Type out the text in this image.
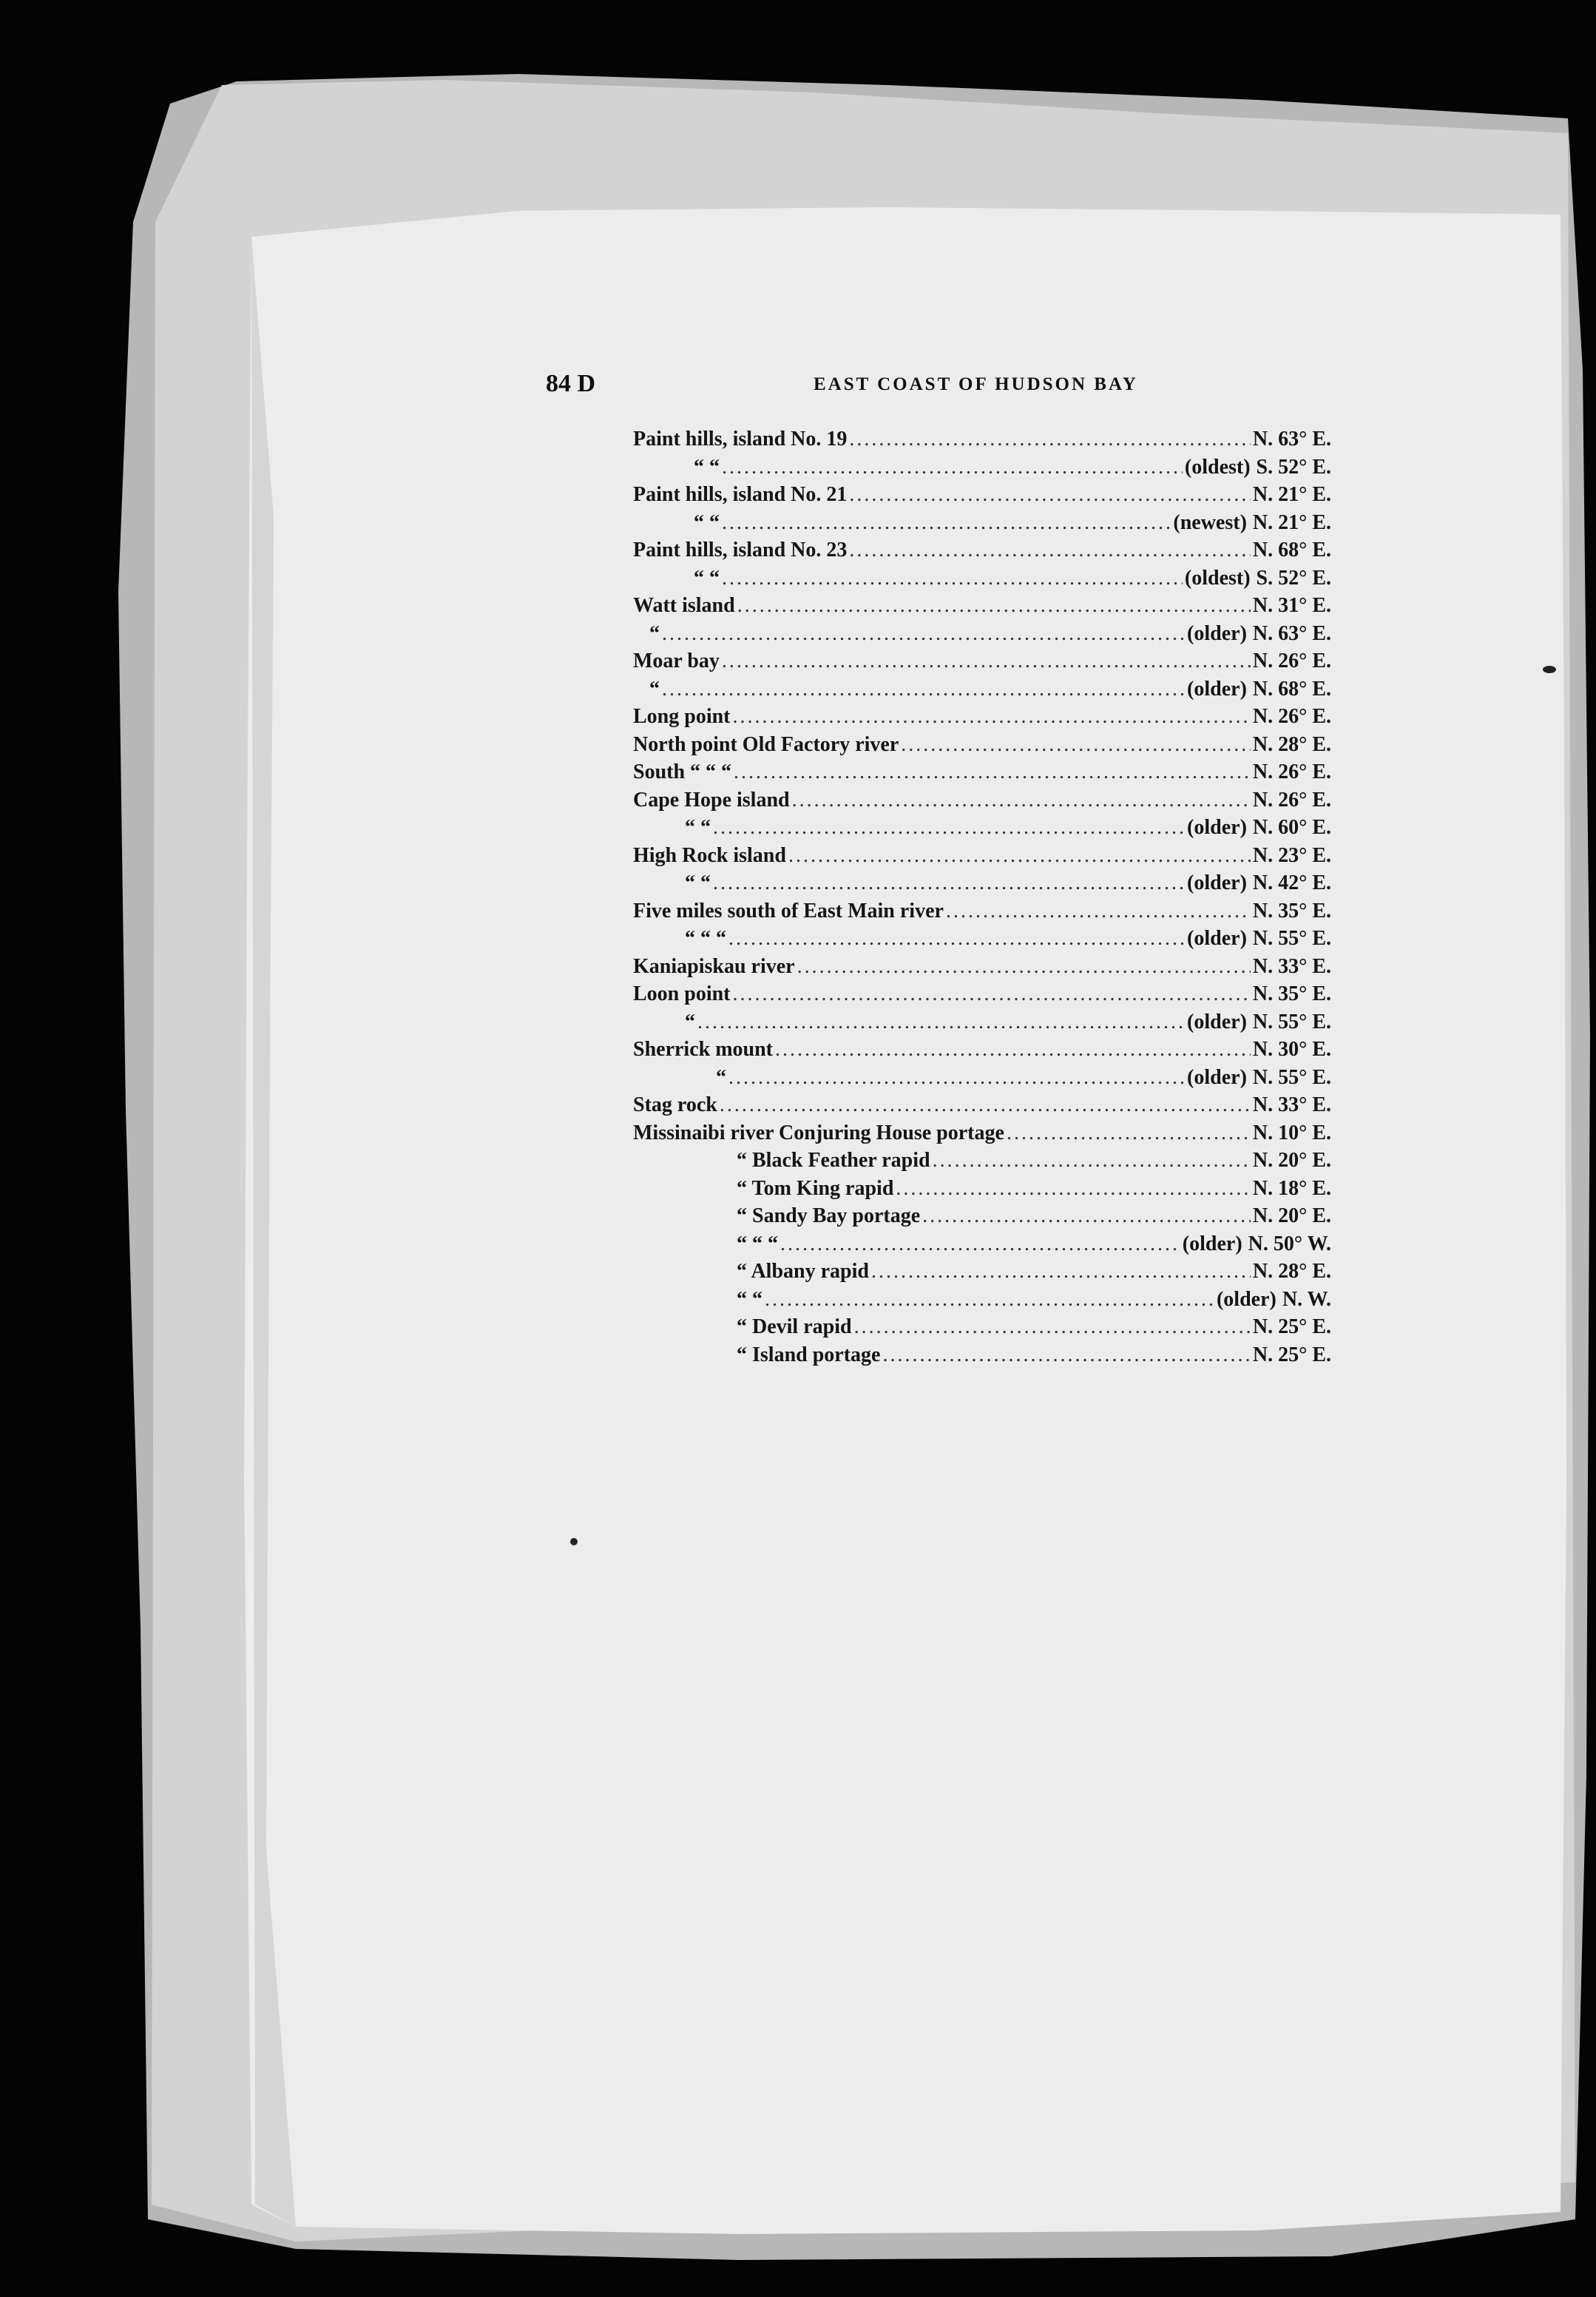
84 D	EAST COAST OF HUDSON BAY
Paint hills, island No. 19 .....	N. 63° E.
“ “ .....	(oldest) S. 52° E.
Paint hills, island No. 21 .....	N. 21° E.
“ “ .....	(newest) N. 21° E.
Paint hills, island No. 23 .....	N. 68° E.
“ “ .....	(oldest) S. 52° E.
Watt island .....	N. 31° E.
“ .....	(older) N. 63° E.
Moar bay .....	N. 26° E.
“ .....	(older) N. 68° E.
Long point .....	N. 26° E.
North point Old Factory river .....	N. 28° E.
South “ “ “ .....	N. 26° E.
Cape Hope island .....	N. 26° E.
“ “ .....	(older) N. 60° E.
High Rock island .....	N. 23° E.
“ “ .....	(older) N. 42° E.
Five miles south of East Main river .....	N. 35° E.
“ “ “ .....	(older) N. 55° E.
Kaniapiskau river .....	N. 33° E.
Loon point .....	N. 35° E.
“ .....	(older) N. 55° E.
Sherrick mount .....	N. 30° E.
“ .....	(older) N. 55° E.
Stag rock .....	N. 33° E.
Missinaibi river Conjuring House portage .....	N. 10° E.
“ Black Feather rapid .....	N. 20° E.
“ Tom King rapid .....	N. 18° E.
“ Sandy Bay portage .....	N. 20° E.
“ “ “ .....	(older) N. 50° W.
“ Albany rapid .....	N. 28° E.
“ “ .....	(older) N. W.
“ Devil rapid .....	N. 25° E.
“ Island portage .....	N. 25° E.
